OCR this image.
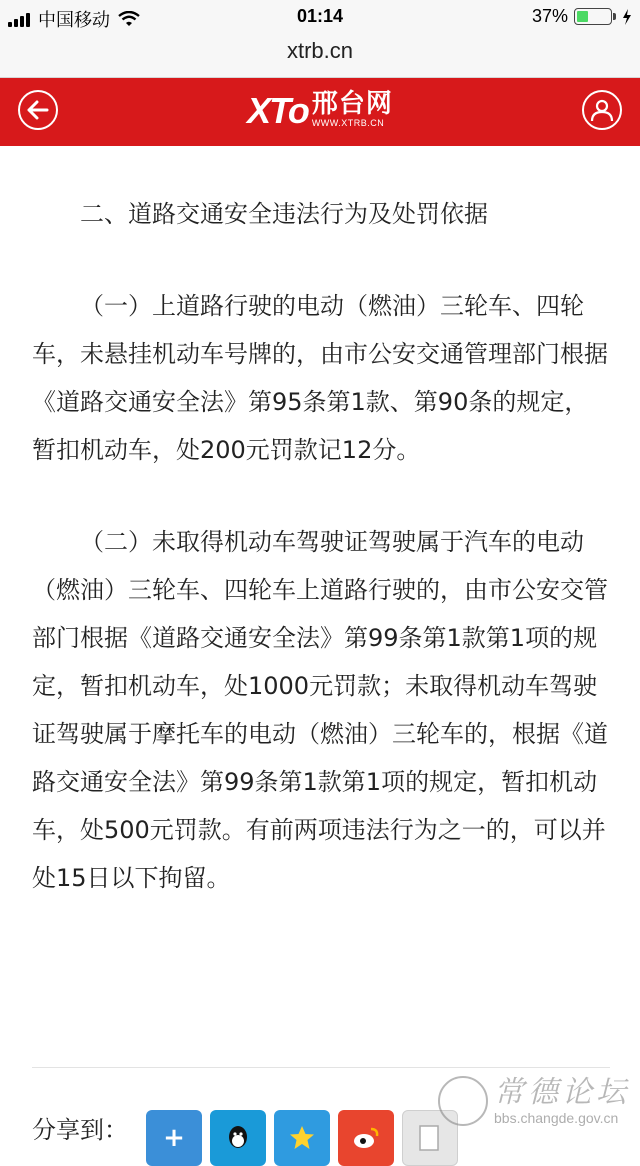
中国移动	01:14	37%
xtrb.cn
XTo 邢台网
WWW.XTRB.CN

二、道路交通安全违法行为及处罚依据

（一）上道路行驶的电动（燃油）三轮车、四轮车，未悬挂机动车号牌的，由市公安交通管理部门根据《道路交通安全法》第95条第1款、第90条的规定，暂扣机动车，处200元罚款记12分。

（二）未取得机动车驾驶证驾驶属于汽车的电动（燃油）三轮车、四轮车上道路行驶的，由市公安交管部门根据《道路交通安全法》第99条第1款第1项的规定，暂扣机动车，处1000元罚款；未取得机动车驾驶证驾驶属于摩托车的电动（燃油）三轮车的，根据《道路交通安全法》第99条第1款第1项的规定，暂扣机动车，处500元罚款。有前两项违法行为之一的，可以并处15日以下拘留。

分享到：	+
常德论坛
bbs.changde.gov.cn
